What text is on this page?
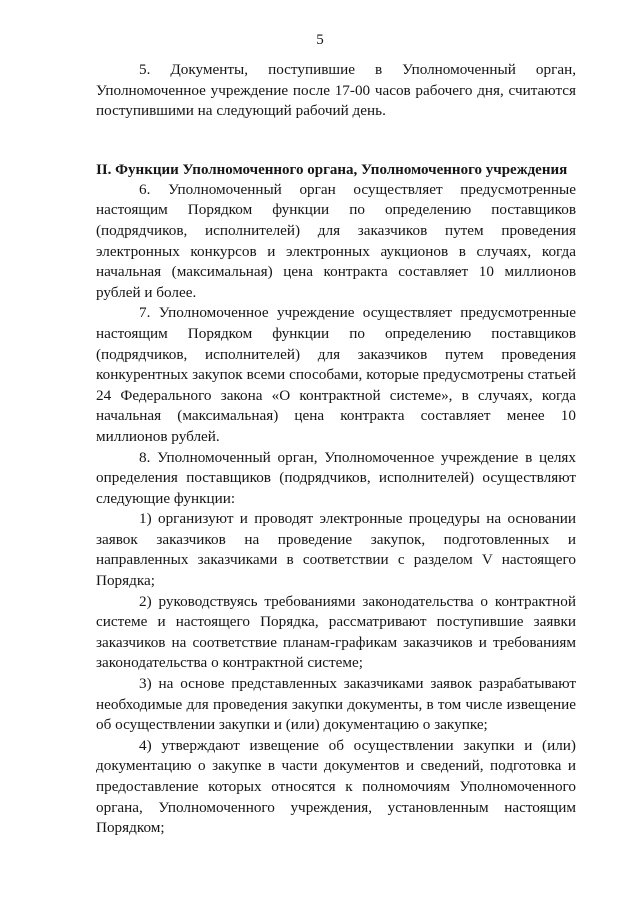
5

5. Документы, поступившие в Уполномоченный орган, Уполномоченное учреждение после 17-00 часов рабочего дня, считаются поступившими на следующий рабочий день.

II. Функции Уполномоченного органа, Уполномоченного учреждения

6. Уполномоченный орган осуществляет предусмотренные настоящим Порядком функции по определению поставщиков (подрядчиков, исполнителей) для заказчиков путем проведения электронных конкурсов и электронных аукционов в случаях, когда начальная (максимальная) цена контракта составляет 10 миллионов рублей и более.

7. Уполномоченное учреждение осуществляет предусмотренные настоящим Порядком функции по определению поставщиков (подрядчиков, исполнителей) для заказчиков путем проведения конкурентных закупок всеми способами, которые предусмотрены статьей 24 Федерального закона «О контрактной системе», в случаях, когда начальная (максимальная) цена контракта составляет менее 10 миллионов рублей.

8. Уполномоченный орган, Уполномоченное учреждение в целях определения поставщиков (подрядчиков, исполнителей) осуществляют следующие функции:

1) организуют и проводят электронные процедуры на основании заявок заказчиков на проведение закупок, подготовленных и направленных заказчиками в соответствии с разделом V настоящего Порядка;

2) руководствуясь требованиями законодательства о контрактной системе и настоящего Порядка, рассматривают поступившие заявки заказчиков на соответствие планам-графикам заказчиков и требованиям законодательства о контрактной системе;

3) на основе представленных заказчиками заявок разрабатывают необходимые для проведения закупки документы, в том числе извещение об осуществлении закупки и (или) документацию о закупке;

4) утверждают извещение об осуществлении закупки и (или) документацию о закупке в части документов и сведений, подготовка и предоставление которых относятся к полномочиям Уполномоченного органа, Уполномоченного учреждения, установленным настоящим Порядком;
